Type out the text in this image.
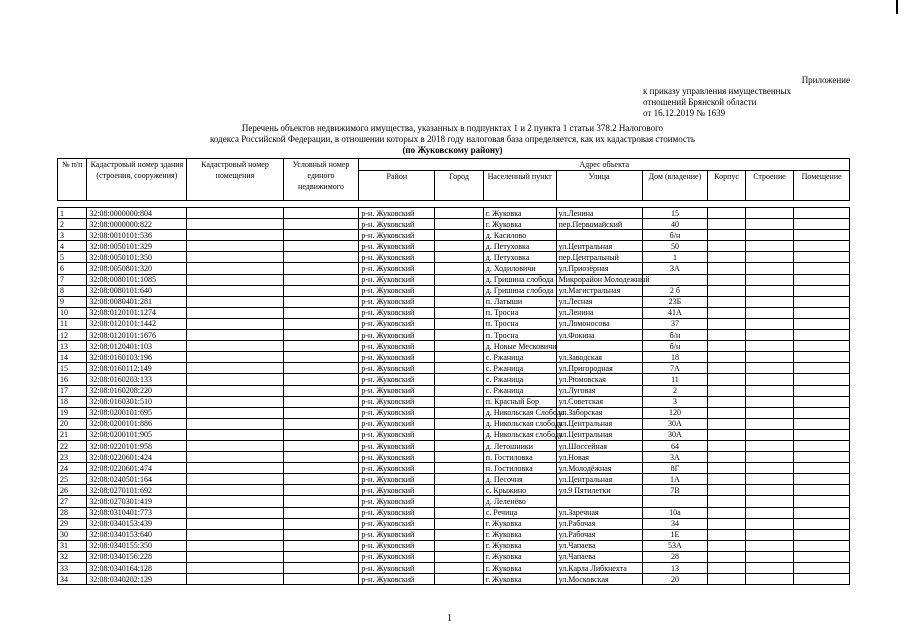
Приложение
к приказу управления имущественных
отношений Брянской области
от 16.12.2019 № 1639
Перечень объектов недвижимого имущества, указанных в подпунктах 1 и 2 пункта 1 статьи 378.2 Налогового
кодекса Российской Федерации, в отношении которых в 2018 году налоговая база определяется, как их кадастровая стоимость
(по Жуковскому району)
№ п/п	Кадастровый номер здания (строения, сооружения)	Кадастровый номер помещения	Условный номер единого недвижимого	Адрес объекта							
				Район	Город	Населенный пункт	Улица	Дом (владение)	Корпус	Строение	Помещение

1	32:08:0000000:804			р-н. Жуковский		г. Жуковка	ул.Ленина	15			
2	32:08:0000000:822			р-н. Жуковский		г. Жуковка	пер.Первомайский	40			
3	32:08:0010101:536			р-н. Жуковский		д. Касилово		б/н			
4	32:08:0050101:329			р-н. Жуковский		д. Петуховка	ул.Центральная	50			
5	32:08:0050101:350			р-н. Жуковский		д. Петуховка	пер.Центральный	1			
6	32:08:0050801:320			р-н. Жуковский		д. Ходиловичи	ул.Приозёрная	3А			
7	32:08:0080101:1085			р-н. Жуковский		д. Гришина слобода	Микрорайон Молодежный				
8	32:08:0080101:640			р-н. Жуковский		д. Гришина слобода	ул.Магистральная	2 б			
9	32:08:0080401:281			р-н. Жуковский		п. Латыши	ул.Лесная	23Б			
10	32:08:0120101:1274			р-н. Жуковский		п. Тросна	ул.Ленина	41А			
11	32:08:0120101:1442			р-н. Жуковский		п. Тросна	ул.Ломоносова	37			
12	32:08:0120101:1676			р-н. Жуковский		п. Тросна	ул.Фокина	б/н			
13	32:08:0120401:103			р-н. Жуковский		д. Новые Месковичи		б/н			
14	32:08:0160103:196			р-н. Жуковский		с. Ржаница	ул.Заводская	18			
15	32:08:0160112:149			р-н. Жуковский		с. Ржаница	ул.Пригородная	7А			
16	32:08:0160203:133			р-н. Жуковский		с. Ржаница	ул.Рюмовская	11			
17	32:08:0160208:220			р-н. Жуковский		с. Ржаница	ул.Луговая	2			
18	32:08:0160301:510			р-н. Жуковский		п. Красный Бор	ул.Советская	3			
19	32:08:0200101:695			р-н. Жуковский		д. Никольская Слобода	ул.Заборская	120			
20	32:08:0200101:886			р-н. Жуковский		д. Никольская слобода	ул.Центральная	30А			
21	32:08:0200101:905			р-н. Жуковский		д. Никольская слобода	ул.Центральная	30А			
22	32:08:0220101:958			р-н. Жуковский		д. Летошники	ул.Шоссейная	64			
23	32:08:0220601:424			р-н. Жуковский		п. Гостиловка	ул.Новая	3А			
24	32:08:0220601:474			р-н. Жуковский		п. Гостиловка	ул.Молодёжная	8Г			
25	32:08:0240501:164			р-н. Жуковский		д. Песочня	ул.Центральная	1А			
26	32:08:0270101:692			р-н. Жуковский		с. Крыжино	ул.9 Пятилетки	7В			
27	32:08:0270301:419			р-н. Жуковский		д. Леленёво					
28	32:08:0310401:773			р-н. Жуковский		с. Речица	ул.Заречная	10а			
29	32:08:0340153:439			р-н. Жуковский		г. Жуковка	ул.Рабочая	34			
30	32:08:0340153:640			р-н. Жуковский		г. Жуковка	ул.Рабочая	1Е			
31	32:08:0340155:350			р-н. Жуковский		г. Жуковка	ул.Чапаева	53А			
32	32:08:0340156:228			р-н. Жуковский		г. Жуковка	ул.Чапаева	28			
33	32:08:0340164:128			р-н. Жуковский		г. Жуковка	ул.Карла Либкнехта	13			
34	32:08:0340202:129			р-н. Жуковский		г. Жуковка	ул.Московская	20			
1
